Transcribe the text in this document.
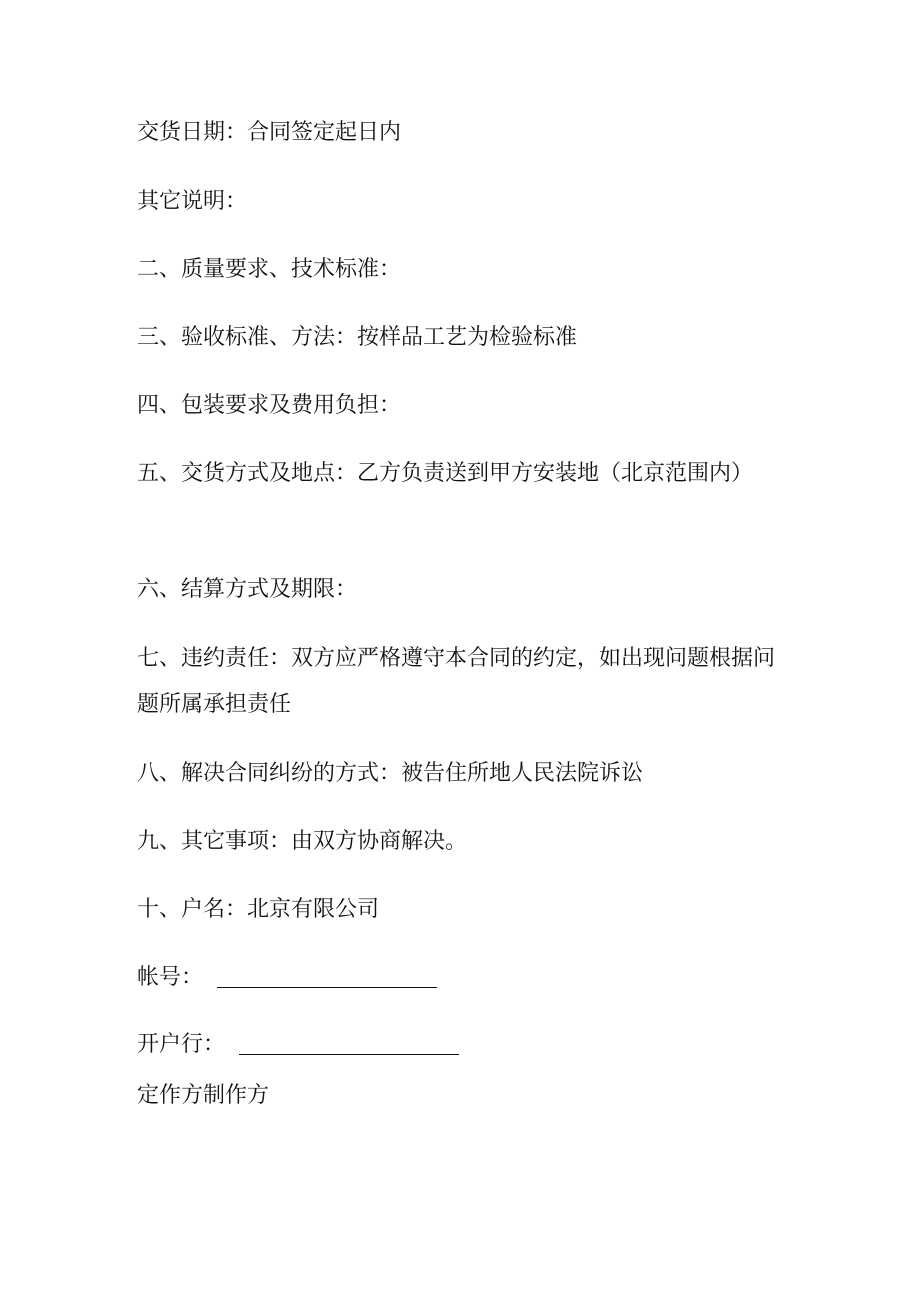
交货日期：合同签定起日内

其它说明：

二、质量要求、技术标准：

三、验收标准、方法：按样品工艺为检验标准

四、包装要求及费用负担：

五、交货方式及地点：乙方负责送到甲方安装地（北京范围内）

六、结算方式及期限：

七、违约责任：双方应严格遵守本合同的约定，如出现问题根据问题所属承担责任

八、解决合同纠纷的方式：被告住所地人民法院诉讼

九、其它事项：由双方协商解决。

十、户名：北京有限公司

帐号：

开户行：

定作方制作方
